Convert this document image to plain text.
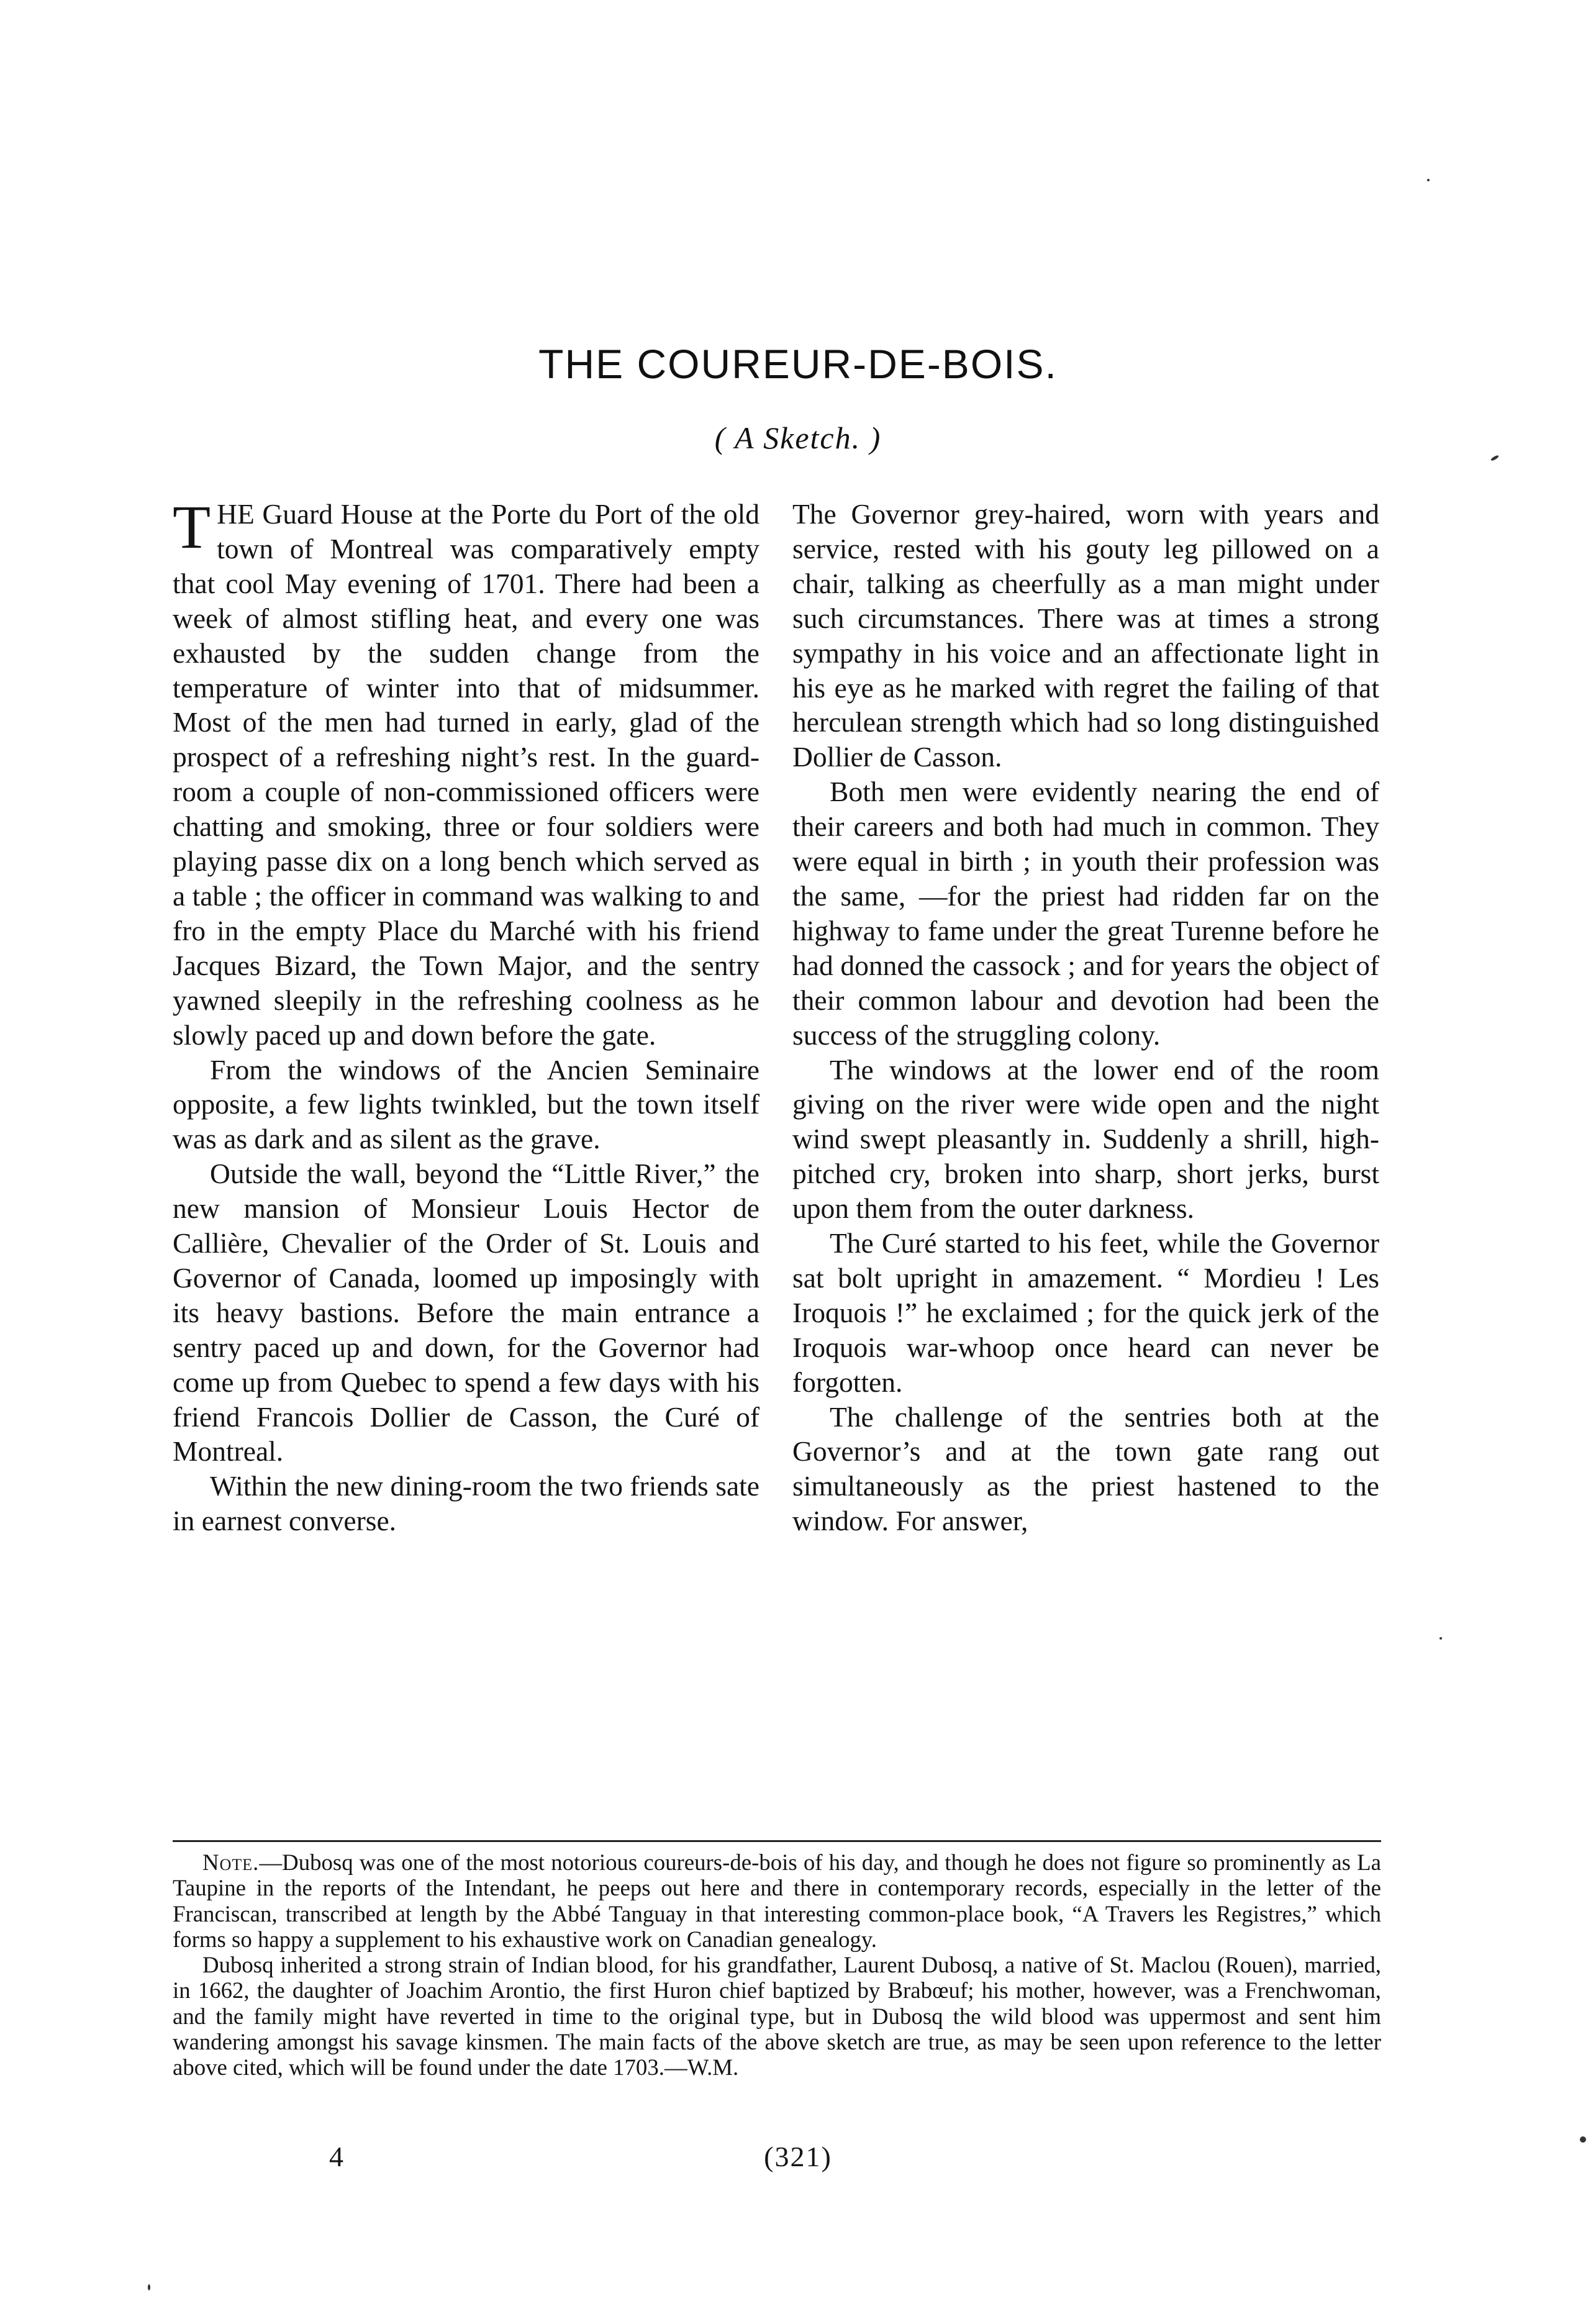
THE COUREUR-DE-BOIS.
( A Sketch. )

THE Guard House at the Porte du Port of the old town of Montreal was comparatively empty that cool May evening of 1701. There had been a week of almost stifling heat, and every one was exhausted by the sudden change from the temperature of winter into that of midsummer. Most of the men had turned in early, glad of the prospect of a refreshing night’s rest. In the guard-room a couple of non-commissioned officers were chatting and smoking, three or four soldiers were playing passe dix on a long bench which served as a table ; the officer in command was walking to and fro in the empty Place du Marché with his friend Jacques Bizard, the Town Major, and the sentry yawned sleepily in the refreshing coolness as he slowly paced up and down before the gate.

From the windows of the Ancien Seminaire opposite, a few lights twinkled, but the town itself was as dark and as silent as the grave.

Outside the wall, beyond the “Little River,” the new mansion of Monsieur Louis Hector de Callière, Chevalier of the Order of St. Louis and Governor of Canada, loomed up imposingly with its heavy bastions. Before the main entrance a sentry paced up and down, for the Governor had come up from Quebec to spend a few days with his friend Francois Dollier de Casson, the Curé of Montreal.

Within the new dining-room the two friends sate in earnest converse.

The Governor grey-haired, worn with years and service, rested with his gouty leg pillowed on a chair, talking as cheerfully as a man might under such circumstances. There was at times a strong sympathy in his voice and an affectionate light in his eye as he marked with regret the failing of that herculean strength which had so long distinguished Dollier de Casson.

Both men were evidently nearing the end of their careers and both had much in common. They were equal in birth ; in youth their profession was the same, —for the priest had ridden far on the highway to fame under the great Turenne before he had donned the cassock ; and for years the object of their common labour and devotion had been the success of the struggling colony.

The windows at the lower end of the room giving on the river were wide open and the night wind swept pleasantly in. Suddenly a shrill, high-pitched cry, broken into sharp, short jerks, burst upon them from the outer darkness.

The Curé started to his feet, while the Governor sat bolt upright in amazement. “ Mordieu ! Les Iroquois !” he exclaimed ; for the quick jerk of the Iroquois war-whoop once heard can never be forgotten.

The challenge of the sentries both at the Governor’s and at the town gate rang out simultaneously as the priest hastened to the window. For answer,

Note.—Dubosq was one of the most notorious coureurs-de-bois of his day, and though he does not figure so prominently as La Taupine in the reports of the Intendant, he peeps out here and there in contemporary records, especially in the letter of the Franciscan, transcribed at length by the Abbé Tanguay in that interesting common-place book, “A Travers les Registres,” which forms so happy a supplement to his exhaustive work on Canadian genealogy.

Dubosq inherited a strong strain of Indian blood, for his grandfather, Laurent Dubosq, a native of St. Maclou (Rouen), married, in 1662, the daughter of Joachim Arontio, the first Huron chief baptized by Brabœuf; his mother, however, was a Frenchwoman, and the family might have reverted in time to the original type, but in Dubosq the wild blood was uppermost and sent him wandering amongst his savage kinsmen. The main facts of the above sketch are true, as may be seen upon reference to the letter above cited, which will be found under the date 1703.—W.M.

4	(321)
